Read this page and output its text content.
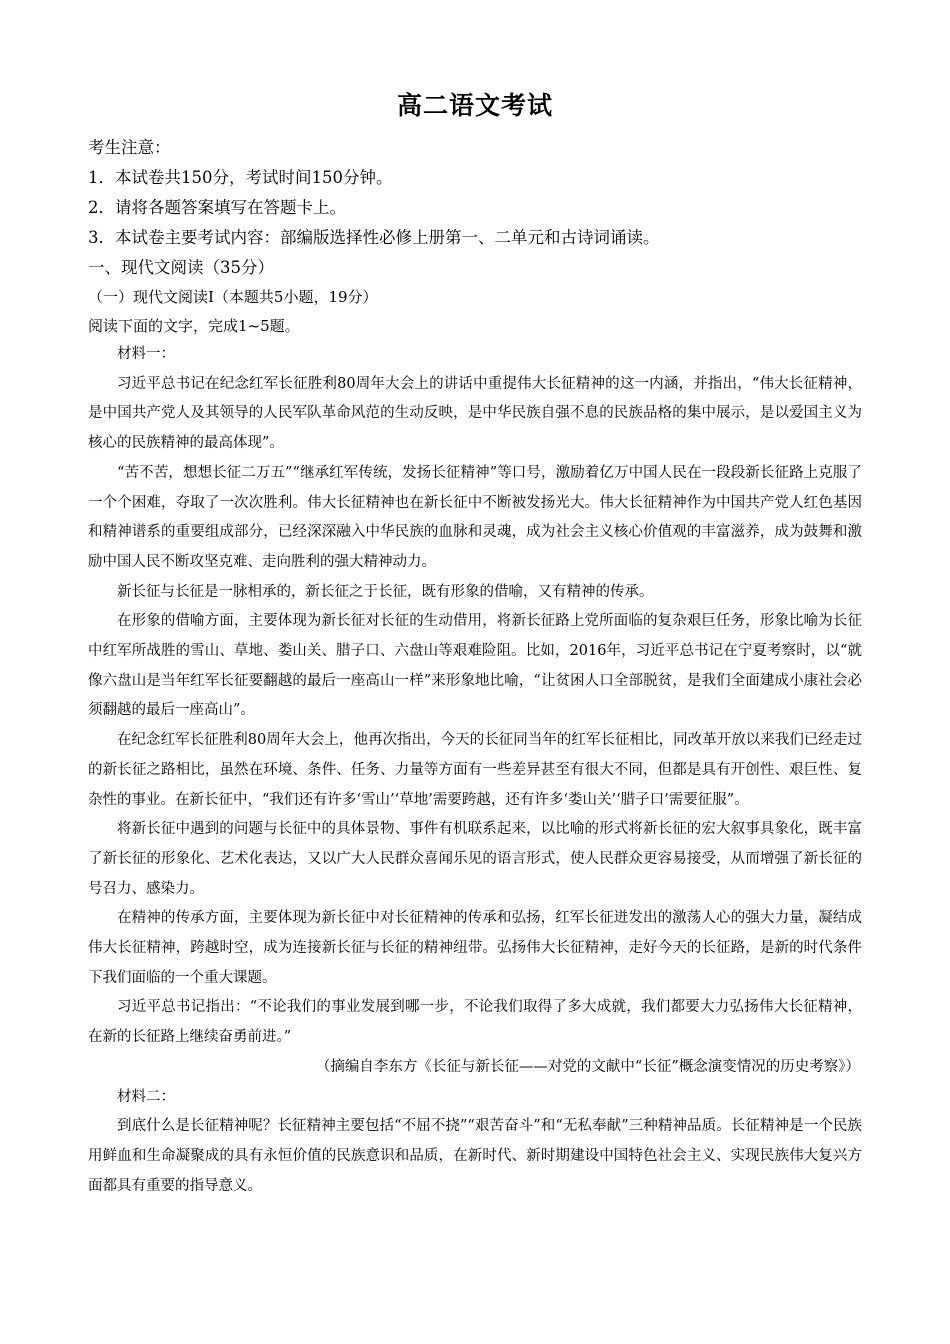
高二语文考试
考生注意：
1．本试卷共150分，考试时间150分钟。
2．请将各题答案填写在答题卡上。
3．本试卷主要考试内容：部编版选择性必修上册第一、二单元和古诗词诵读。
一、现代文阅读（35分）
（一）现代文阅读Ⅰ（本题共5小题，19分）
阅读下面的文字，完成1~5题。

材料一：

习近平总书记在纪念红军长征胜利80周年大会上的讲话中重提伟大长征精神的这一内涵，并指出，“伟大长征精神，是中国共产党人及其领导的人民军队革命风范的生动反映，是中华民族自强不息的民族品格的集中展示，是以爱国主义为核心的民族精神的最高体现”。

“苦不苦，想想长征二万五”“继承红军传统，发扬长征精神”等口号，激励着亿万中国人民在一段段新长征路上克服了一个个困难，夺取了一次次胜利。伟大长征精神也在新长征中不断被发扬光大。伟大长征精神作为中国共产党人红色基因和精神谱系的重要组成部分，已经深深融入中华民族的血脉和灵魂，成为社会主义核心价值观的丰富滋养，成为鼓舞和激励中国人民不断攻坚克难、走向胜利的强大精神动力。

新长征与长征是一脉相承的，新长征之于长征，既有形象的借喻，又有精神的传承。

在形象的借喻方面，主要体现为新长征对长征的生动借用，将新长征路上党所面临的复杂艰巨任务，形象比喻为长征中红军所战胜的雪山、草地、娄山关、腊子口、六盘山等艰难险阻。比如，2016年，习近平总书记在宁夏考察时，以“就像六盘山是当年红军长征要翻越的最后一座高山一样”来形象地比喻，“让贫困人口全部脱贫，是我们全面建成小康社会必须翻越的最后一座高山”。

在纪念红军长征胜利80周年大会上，他再次指出，今天的长征同当年的红军长征相比，同改革开放以来我们已经走过的新长征之路相比，虽然在环境、条件、任务、力量等方面有一些差异甚至有很大不同，但都是具有开创性、艰巨性、复杂性的事业。在新长征中，“我们还有许多‘雪山’‘草地’需要跨越，还有许多‘娄山关’‘腊子口’需要征服”。

将新长征中遇到的问题与长征中的具体景物、事件有机联系起来，以比喻的形式将新长征的宏大叙事具象化，既丰富了新长征的形象化、艺术化表达，又以广大人民群众喜闻乐见的语言形式，使人民群众更容易接受，从而增强了新长征的号召力、感染力。

在精神的传承方面，主要体现为新长征中对长征精神的传承和弘扬，红军长征迸发出的激荡人心的强大力量，凝结成伟大长征精神，跨越时空，成为连接新长征与长征的精神纽带。弘扬伟大长征精神，走好今天的长征路，是新的时代条件下我们面临的一个重大课题。

习近平总书记指出：“不论我们的事业发展到哪一步，不论我们取得了多大成就，我们都要大力弘扬伟大长征精神，在新的长征路上继续奋勇前进。”

（摘编自李东方《长征与新长征——对党的文献中“长征”概念演变情况的历史考察》）

材料二：

到底什么是长征精神呢？长征精神主要包括“不屈不挠”“艰苦奋斗”和“无私奉献”三种精神品质。长征精神是一个民族用鲜血和生命凝聚成的具有永恒价值的民族意识和品质，在新时代、新时期建设中国特色社会主义、实现民族伟大复兴方面都具有重要的指导意义。
